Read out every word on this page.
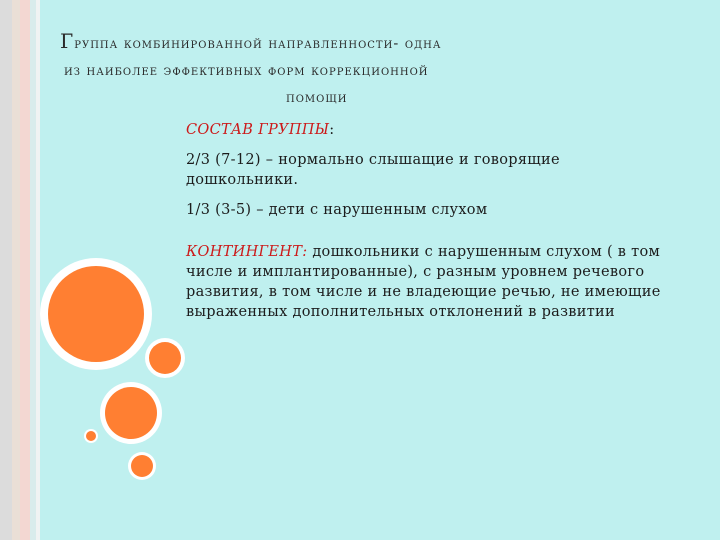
Группа комбинированной направленности- одна
из наиболее эффективных форм коррекционной
помощи

СОСТАВ ГРУППЫ:

2/3 (7-12) – нормально слышащие и говорящие дошкольники.

1/3 (3-5) – дети с нарушенным слухом

КОНТИНГЕНТ: дошкольники с нарушенным слухом ( в том числе и имплантированные), с разным уровнем речевого развития, в том числе и не владеющие речью, не имеющие выраженных дополнительных отклонений в развитии
